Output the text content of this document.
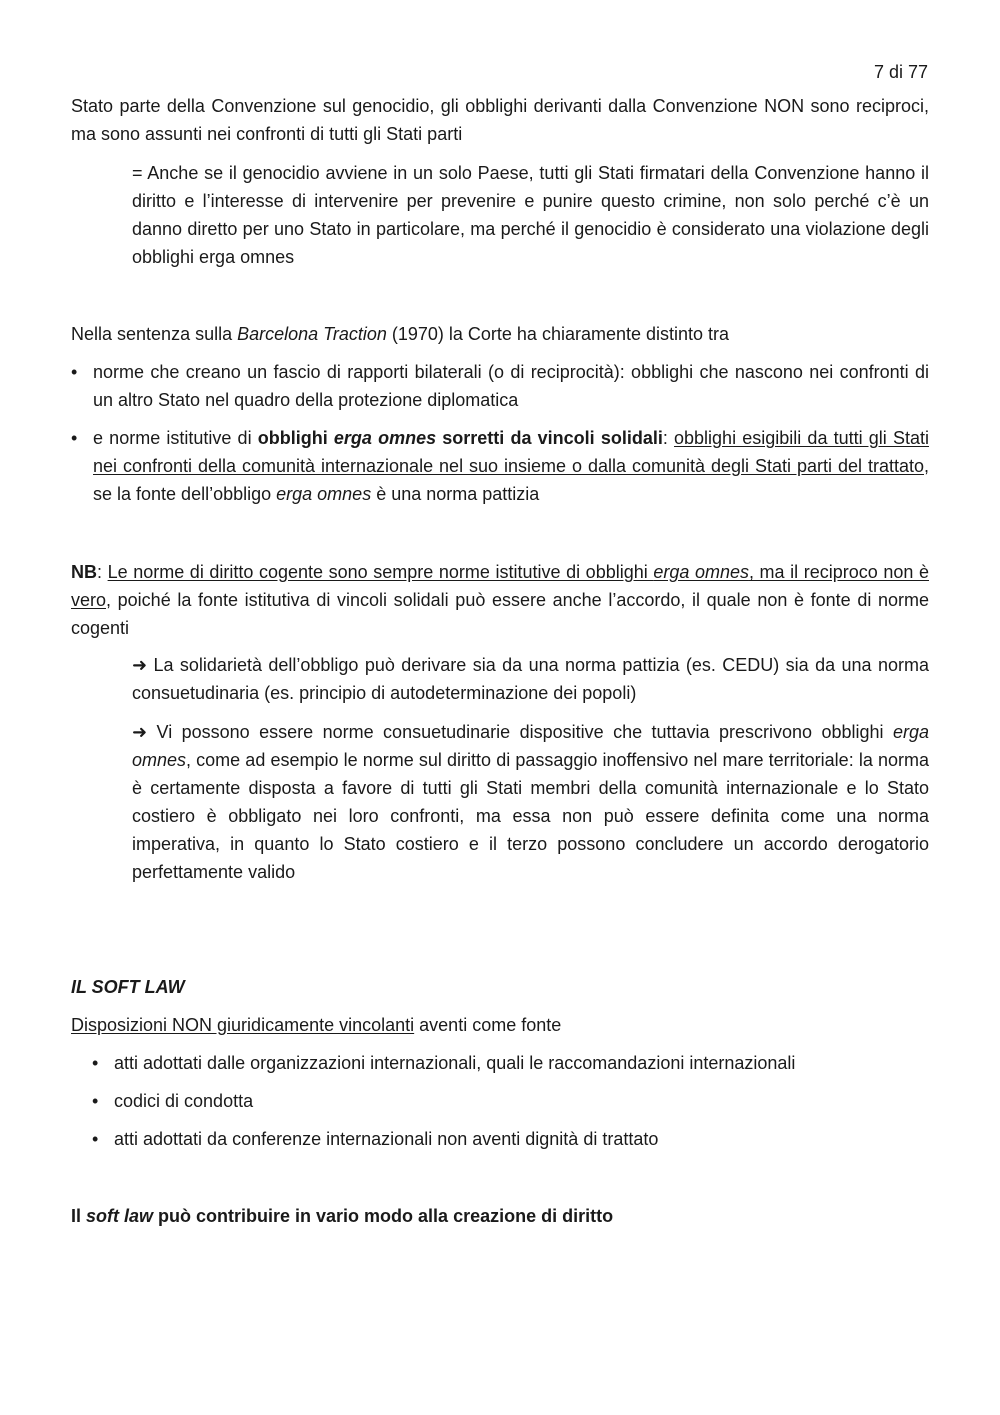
7 di 77

Stato parte della Convenzione sul genocidio, gli obblighi derivanti dalla Convenzione NON sono reciproci, ma sono assunti nei confronti di tutti gli Stati parti

= Anche se il genocidio avviene in un solo Paese, tutti gli Stati firmatari della Convenzione hanno il diritto e l’interesse di intervenire per prevenire e punire questo crimine, non solo perché c’è un danno diretto per uno Stato in particolare, ma perché il genocidio è considerato una violazione degli obblighi erga omnes

Nella sentenza sulla Barcelona Traction (1970) la Corte ha chiaramente distinto tra

• norme che creano un fascio di rapporti bilaterali (o di reciprocità): obblighi che nascono nei confronti di un altro Stato nel quadro della protezione diplomatica

• e norme istitutive di obblighi erga omnes sorretti da vincoli solidali: obblighi esigibili da tutti gli Stati nei confronti della comunità internazionale nel suo insieme o dalla comunità degli Stati parti del trattato, se la fonte dell’obbligo erga omnes è una norma pattizia

NB: Le norme di diritto cogente sono sempre norme istitutive di obblighi erga omnes, ma il reciproco non è vero, poiché la fonte istitutiva di vincoli solidali può essere anche l’accordo, il quale non è fonte di norme cogenti

➜ La solidarietà dell’obbligo può derivare sia da una norma pattizia (es. CEDU) sia da una norma consuetudinaria (es. principio di autodeterminazione dei popoli)

➜ Vi possono essere norme consuetudinarie dispositive che tuttavia prescrivono obblighi erga omnes, come ad esempio le norme sul diritto di passaggio inoffensivo nel mare territoriale: la norma è certamente disposta a favore di tutti gli Stati membri della comunità internazionale e lo Stato costiero è obbligato nei loro confronti, ma essa non può essere definita come una norma imperativa, in quanto lo Stato costiero e il terzo possono concludere un accordo derogatorio perfettamente valido

IL SOFT LAW

Disposizioni NON giuridicamente vincolanti aventi come fonte

• atti adottati dalle organizzazioni internazionali, quali le raccomandazioni internazionali

• codici di condotta

• atti adottati da conferenze internazionali non aventi dignità di trattato

Il soft law può contribuire in vario modo alla creazione di diritto
